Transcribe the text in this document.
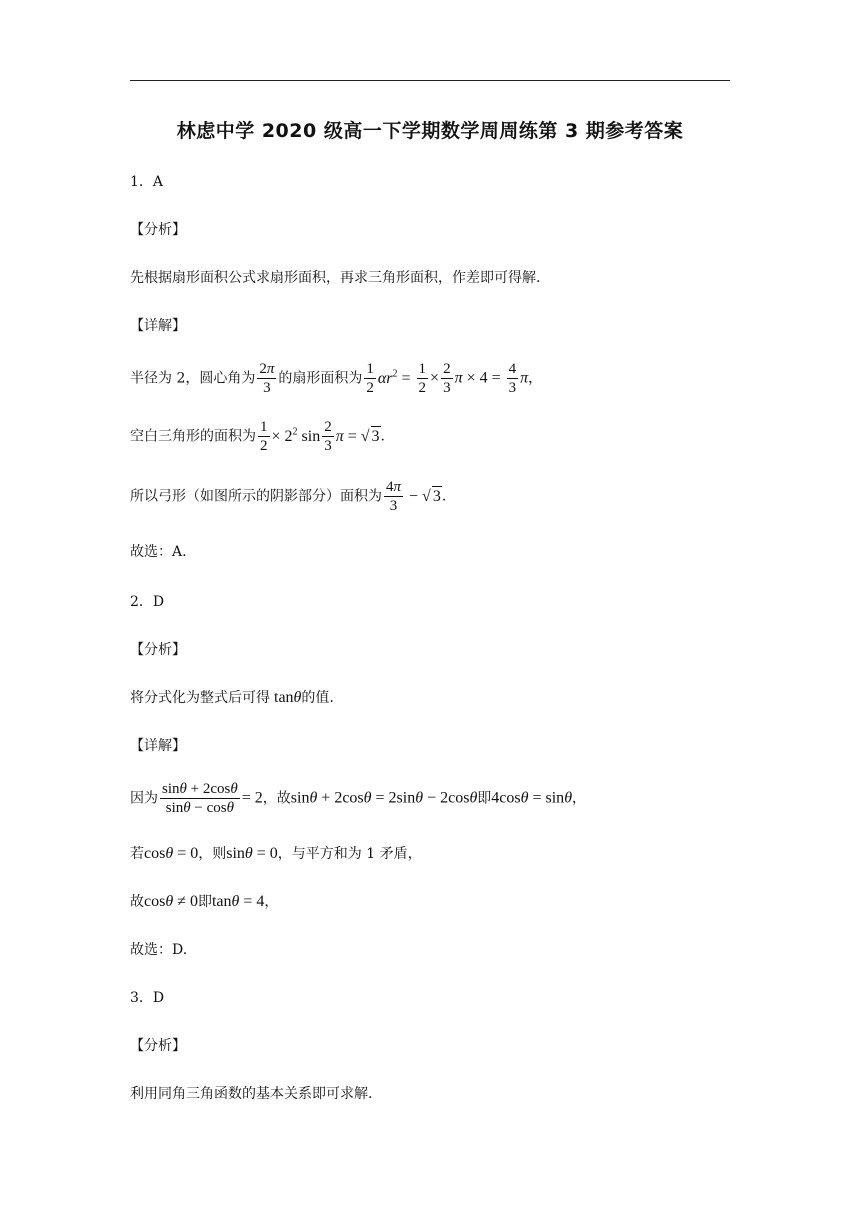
林虑中学 2020 级高一下学期数学周周练第 3 期参考答案
1．A
【分析】
先根据扇形面积公式求扇形面积，再求三角形面积，作差即可得解.
【详解】
半径为 2，圆心角为 $\frac{2\pi}{3}$ 的扇形面积为 $\frac{1}{2} \alpha r^2 = \frac{1}{2} \times \frac{2}{3}$ $\pi \times 4 = \frac{4}{3}$ π，
空白三角形的面积为 $\frac{1}{2} \times 2^2$ $\sin \frac{2}{3}$ π = √ 3.
所以弓形（如图所示的阴影部分）面积为 $\frac{4\pi}{3}$ − √ 3.
故选：A.
2．D
【分析】
将分式化为整式后可得 tanθ的值.
【详解】
因为 $\frac{\sin\theta + 2\cos\theta}{\sin\theta - \cos\theta} = 2$，故sinθ + 2cosθ = 2sinθ − 2cosθ即4cosθ = sinθ，
若cosθ = 0，则sinθ = 0，与平方和为 1 矛盾，
故cosθ ≠ 0即tanθ = 4，
故选：D.
3．D
【分析】
利用同角三角函数的基本关系即可求解.
